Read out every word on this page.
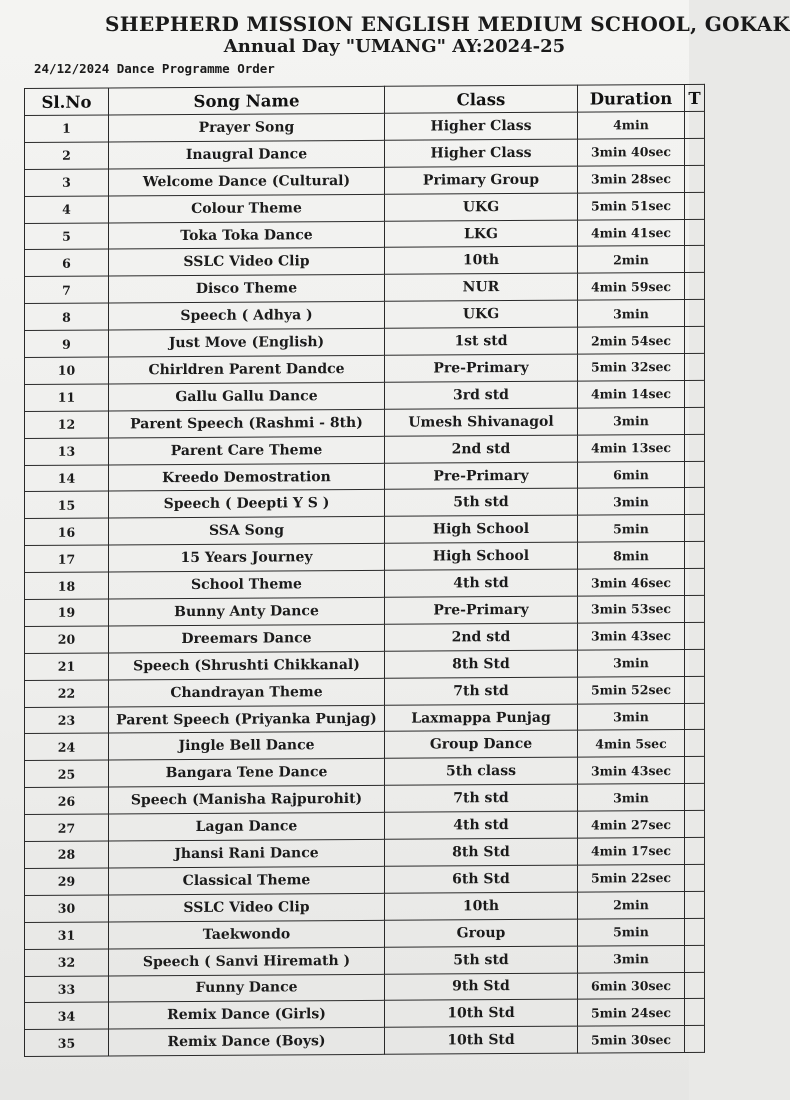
SHEPHERD MISSION ENGLISH MEDIUM SCHOOL, GOKAK
Annual Day "UMANG" AY:2024-25
24/12/2024 Dance Programme Order
Sl.No	Song Name	Class	Duration	T
1	Prayer Song	Higher Class	4min	
2	Inaugral Dance	Higher Class	3min 40sec	
3	Welcome Dance (Cultural)	Primary Group	3min 28sec	
4	Colour Theme	UKG	5min 51sec	
5	Toka Toka Dance	LKG	4min 41sec	
6	SSLC Video Clip	10th	2min	
7	Disco Theme	NUR	4min 59sec	
8	Speech ( Adhya )	UKG	3min	
9	Just Move (English)	1st std	2min 54sec	
10	Chirldren Parent Dandce	Pre-Primary	5min 32sec	
11	Gallu Gallu Dance	3rd std	4min 14sec	
12	Parent Speech (Rashmi - 8th)	Umesh Shivanagol	3min	
13	Parent Care Theme	2nd std	4min 13sec	
14	Kreedo Demostration	Pre-Primary	6min	
15	Speech ( Deepti Y S )	5th std	3min	
16	SSA Song	High School	5min	
17	15 Years Journey	High School	8min	
18	School Theme	4th std	3min 46sec	
19	Bunny Anty Dance	Pre-Primary	3min 53sec	
20	Dreemars Dance	2nd std	3min 43sec	
21	Speech (Shrushti Chikkanal)	8th Std	3min	
22	Chandrayan Theme	7th std	5min 52sec	
23	Parent Speech (Priyanka Punjag)	Laxmappa Punjag	3min	
24	Jingle Bell Dance	Group Dance	4min 5sec	
25	Bangara Tene Dance	5th class	3min 43sec	
26	Speech (Manisha Rajpurohit)	7th std	3min	
27	Lagan Dance	4th std	4min 27sec	
28	Jhansi Rani Dance	8th Std	4min 17sec	
29	Classical Theme	6th Std	5min 22sec	
30	SSLC Video Clip	10th	2min	
31	Taekwondo	Group	5min	
32	Speech ( Sanvi Hiremath )	5th std	3min	
33	Funny Dance	9th Std	6min 30sec	
34	Remix Dance (Girls)	10th Std	5min 24sec	
35	Remix Dance (Boys)	10th Std	5min 30sec	
